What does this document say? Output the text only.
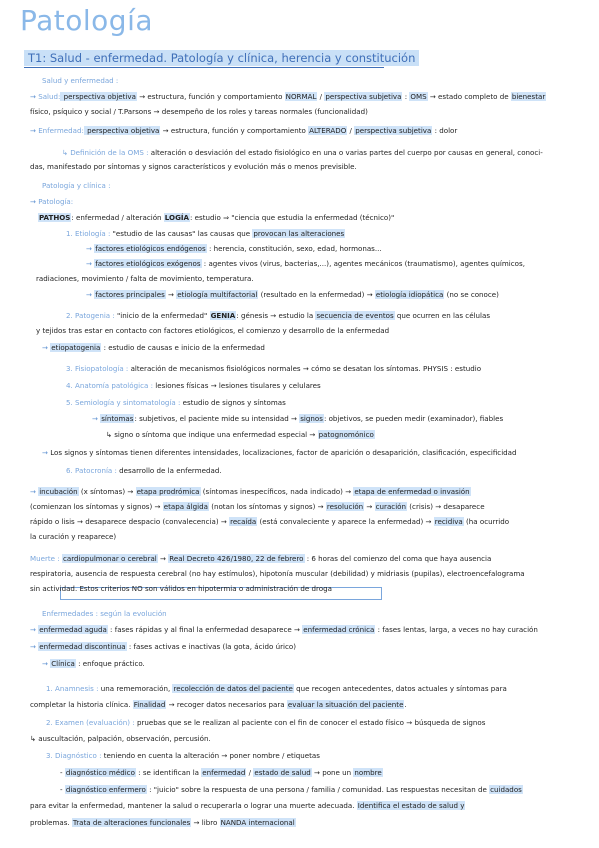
Patología
T1: Salud - enfermedad. Patología y clínica, herencia y constitución
Salud y enfermedad :
→ Salud: perspectiva objetiva → estructura, función y comportamiento NORMAL / perspectiva subjetiva : OMS → estado completo de bienestar
físico, psíquico y social / T.Parsons → desempeño de los roles y tareas normales (funcionalidad)
→ Enfermedad: perspectiva objetiva → estructura, función y comportamiento ALTERADO / perspectiva subjetiva : dolor
↳ Definición de la OMS : alteración o desviación del estado fisiológico en una o varias partes del cuerpo por causas en general, conoci-
das, manifestado por síntomas y signos característicos y evolución más o menos previsible.
Patología y clínica :
→ Patología:
PATHOS: enfermedad / alteración LOGÍA: estudio ⇒ "ciencia que estudia la enfermedad (técnico)"
1. Etiología : "estudio de las causas" las causas que provocan las alteraciones
→ factores etiológicos endógenos : herencia, constitución, sexo, edad, hormonas...
→ factores etiológicos exógenos : agentes vivos (virus, bacterias,...), agentes mecánicos (traumatismo), agentes químicos,
radiaciones, movimiento / falta de movimiento, temperatura.
→ factores principales → etiología multifactorial (resultado en la enfermedad) → etiología idiopática (no se conoce)
2. Patogenia : "inicio de la enfermedad" GENIA: génesis → estudio la secuencia de eventos que ocurren en las células
y tejidos tras estar en contacto con factores etiológicos, el comienzo y desarrollo de la enfermedad
→ etiopatogenia : estudio de causas e inicio de la enfermedad
3. Fisiopatología : alteración de mecanismos fisiológicos normales → cómo se desatan los síntomas. PHYSIS : estudio
4. Anatomía patológica : lesiones físicas → lesiones tisulares y celulares
5. Semiología y sintomatología : estudio de signos y síntomas
→ síntomas: subjetivos, el paciente mide su intensidad → signos: objetivos, se pueden medir (examinador), fiables
↳ signo o síntoma que indique una enfermedad especial → patognomónico
→ Los signos y síntomas tienen diferentes intensidades, localizaciones, factor de aparición o desaparición, clasificación, especificidad
6. Patocronía : desarrollo de la enfermedad.
→ incubación (x síntomas) → etapa prodrómica (síntomas inespecíficos, nada indicado) → etapa de enfermedad o invasión
(comienzan los síntomas y signos) → etapa álgida (notan los síntomas y signos) → resolución → curación (crisis) → desaparece
rápido o lisis → desaparece despacio (convalecencia) → recaída (está convaleciente y aparece la enfermedad) → recidiva (ha ocurrido
la curación y reaparece)
Muerte : cardiopulmonar o cerebral → Real Decreto 426/1980, 22 de febrero : 6 horas del comienzo del coma que haya ausencia
respiratoria, ausencia de respuesta cerebral (no hay estímulos), hipotonía muscular (debilidad) y midriasis (pupilas), electroencefalograma
sin actividad. Estos criterios NO son válidos en hipotermia o administración de droga
Enfermedades : según la evolución
→ enfermedad aguda : fases rápidas y al final la enfermedad desaparece → enfermedad crónica : fases lentas, larga, a veces no hay curación
→ enfermedad discontinua : fases activas e inactivas (la gota, ácido úrico)
→ Clínica : enfoque práctico.
1. Anamnesis : una rememoración, recolección de datos del paciente que recogen antecedentes, datos actuales y síntomas para
completar la historia clínica. Finalidad → recoger datos necesarios para evaluar la situación del paciente.
2. Examen (evaluación) : pruebas que se le realizan al paciente con el fin de conocer el estado físico → búsqueda de signos
↳ auscultación, palpación, observación, percusión.
3. Diagnóstico : teniendo en cuenta la alteración → poner nombre / etiquetas
- diagnóstico médico : se identifican la enfermedad / estado de salud → pone un nombre
- diagnóstico enfermero : "juicio" sobre la respuesta de una persona / familia / comunidad. Las respuestas necesitan de cuidados
para evitar la enfermedad, mantener la salud o recuperarla o lograr una muerte adecuada. Identifica el estado de salud y
problemas. Trata de alteraciones funcionales → libro NANDA internacional
